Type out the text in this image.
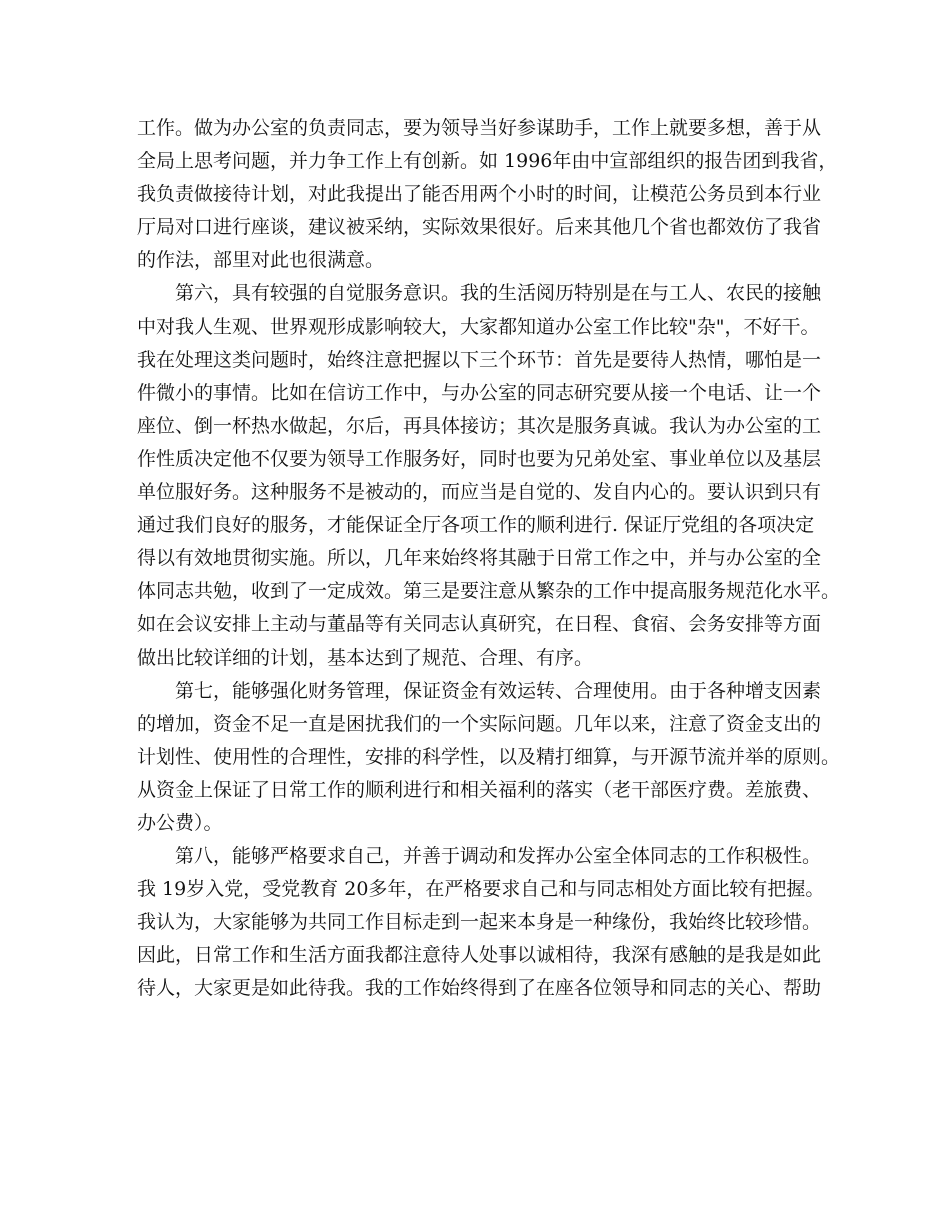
工作。做为办公室的负责同志，要为领导当好参谋助手，工作上就要多想，善于从
全局上思考问题，并力争工作上有创新。如 1996年由中宣部组织的报告团到我省，
我负责做接待计划，对此我提出了能否用两个小时的时间，让模范公务员到本行业
厅局对口进行座谈，建议被采纳，实际效果很好。后来其他几个省也都效仿了我省
的作法，部里对此也很满意。
第六，具有较强的自觉服务意识。我的生活阅历特别是在与工人、农民的接触
中对我人生观、世界观形成影响较大，大家都知道办公室工作比较"杂"，不好干。
我在处理这类问题时，始终注意把握以下三个环节：首先是要待人热情，哪怕是一
件微小的事情。比如在信访工作中，与办公室的同志研究要从接一个电话、让一个
座位、倒一杯热水做起，尔后，再具体接访；其次是服务真诚。我认为办公室的工
作性质决定他不仅要为领导工作服务好，同时也要为兄弟处室、事业单位以及基层
单位服好务。这种服务不是被动的，而应当是自觉的、发自内心的。要认识到只有
通过我们良好的服务，才能保证全厅各项工作的顺利进行. 保证厅党组的各项决定
得以有效地贯彻实施。所以，几年来始终将其融于日常工作之中，并与办公室的全
体同志共勉，收到了一定成效。第三是要注意从繁杂的工作中提高服务规范化水平。
如在会议安排上主动与董晶等有关同志认真研究，在日程、食宿、会务安排等方面
做出比较详细的计划，基本达到了规范、合理、有序。
第七，能够强化财务管理，保证资金有效运转、合理使用。由于各种增支因素
的增加，资金不足一直是困扰我们的一个实际问题。几年以来，注意了资金支出的
计划性、使用性的合理性，安排的科学性，以及精打细算，与开源节流并举的原则。
从资金上保证了日常工作的顺利进行和相关福利的落实（老干部医疗费。差旅费、
办公费）。
第八，能够严格要求自己，并善于调动和发挥办公室全体同志的工作积极性。
我 19岁入党，受党教育 20多年，在严格要求自己和与同志相处方面比较有把握。
我认为，大家能够为共同工作目标走到一起来本身是一种缘份，我始终比较珍惜。
因此，日常工作和生活方面我都注意待人处事以诚相待，我深有感触的是我是如此
待人，大家更是如此待我。我的工作始终得到了在座各位领导和同志的关心、帮助
